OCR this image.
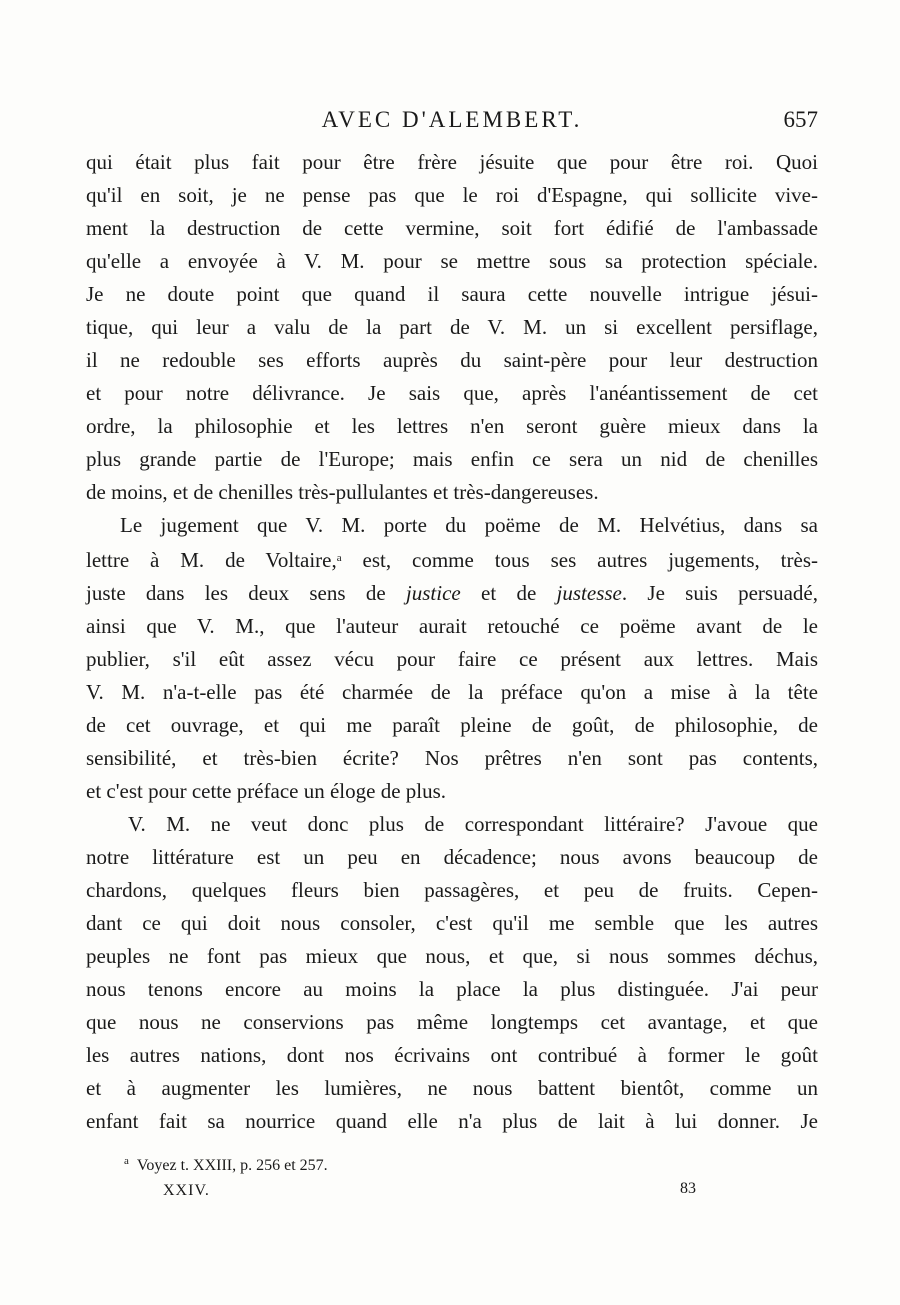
AVEC D'ALEMBERT.	657

qui était plus fait pour être frère jésuite que pour être roi. Quoi
qu'il en soit, je ne pense pas que le roi d'Espagne, qui sollicite vive-
ment la destruction de cette vermine, soit fort édifié de l'ambassade
qu'elle a envoyée à V. M. pour se mettre sous sa protection spéciale.
Je ne doute point que quand il saura cette nouvelle intrigue jésui-
tique, qui leur a valu de la part de V. M. un si excellent persiflage,
il ne redouble ses efforts auprès du saint-père pour leur destruction
et pour notre délivrance. Je sais que, après l'anéantissement de cet
ordre, la philosophie et les lettres n'en seront guère mieux dans la
plus grande partie de l'Europe; mais enfin ce sera un nid de chenilles
de moins, et de chenilles très-pullulantes et très-dangereuses.

Le jugement que V. M. porte du poëme de M. Helvétius, dans sa
lettre à M. de Voltaire,$^a$ est, comme tous ses autres jugements, très-
juste dans les deux sens de justice et de justesse. Je suis persuadé,
ainsi que V. M., que l'auteur aurait retouché ce poëme avant de le
publier, s'il eût assez vécu pour faire ce présent aux lettres. Mais
V. M. n'a-t-elle pas été charmée de la préface qu'on a mise à la tête
de cet ouvrage, et qui me paraît pleine de goût, de philosophie, de
sensibilité, et très-bien écrite? Nos prêtres n'en sont pas contents,
et c'est pour cette préface un éloge de plus.

V. M. ne veut donc plus de correspondant littéraire? J'avoue que
notre littérature est un peu en décadence; nous avons beaucoup de
chardons, quelques fleurs bien passagères, et peu de fruits. Cepen-
dant ce qui doit nous consoler, c'est qu'il me semble que les autres
peuples ne font pas mieux que nous, et que, si nous sommes déchus,
nous tenons encore au moins la place la plus distinguée. J'ai peur
que nous ne conservions pas même longtemps cet avantage, et que
les autres nations, dont nos écrivains ont contribué à former le goût
et à augmenter les lumières, ne nous battent bientôt, comme un
enfant fait sa nourrice quand elle n'a plus de lait à lui donner. Je

$^a$ Voyez t. XXIII, p. 256 et 257.
XXIV.	83
